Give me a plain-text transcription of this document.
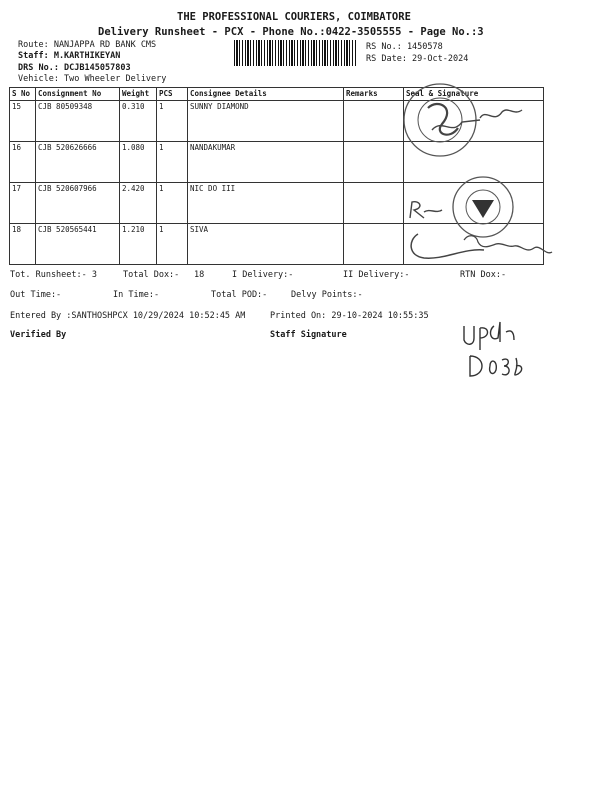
THE PROFESSIONAL COURIERS, COIMBATORE
Delivery Runsheet - PCX - Phone No.:0422-3505555 - Page No.:3
Route: NANJAPPA RD BANK CMS
Staff: M.KARTHIKEYAN
DRS No.: DCJB145057803
Vehicle: Two Wheeler Delivery
RS No.: 1450578
RS Date: 29-Oct-2024
S No	Consignment No	Weight	PCS	Consignee Details	Remarks	Seal & Signature
15	CJB 80509348	0.310	1	SUNNY DIAMOND		
16	CJB 520626666	1.080	1	NANDAKUMAR		
17	CJB 520607966	2.420	1	NIC DO III		
18	CJB 520565441	1.210	1	SIVA		
Tot. Runsheet:- 3	Total Dox:- 18	I Delivery:-	II Delivery:-	RTN Dox:-
Out Time:-	In Time:-	Total POD:-	Delvy Points:-
Entered By :SANTHOSHPCX 10/29/2024 10:52:45 AM	Printed On: 29-10-2024 10:55:35
Verified By	Staff Signature
